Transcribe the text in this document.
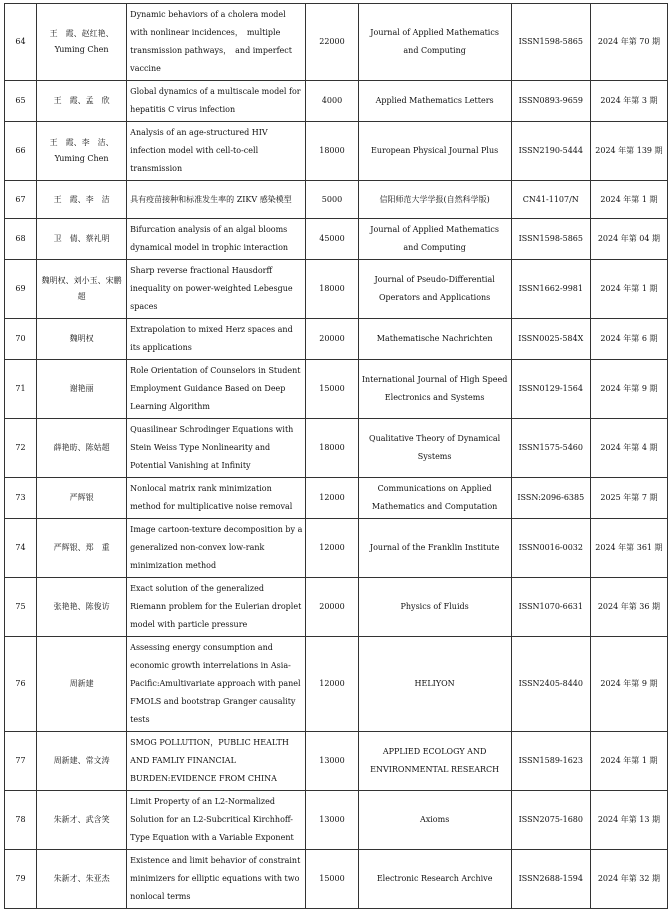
64	王　霞、赵红艳、Yuming Chen	Dynamic behaviors of a cholera model with nonlinear incidences，　multiple transmission pathways，　and imperfect vaccine	22000	Journal of Applied Mathematics and Computing	ISSN1598-5865	2024 年第 70 期
65	王　霞、孟　欣	Global dynamics of a multiscale model for hepatitis C virus infection	4000	Applied Mathematics Letters	ISSN0893-9659	2024 年第 3 期
66	王　霞、李　洁、Yuming Chen	Analysis of an age-structured HIV infection model with cell-to-cell transmission	18000	European Physical Journal Plus	ISSN2190-5444	2024 年第 139 期
67	王　霞、李　洁	具有疫苗接种和标准发生率的 ZIKV 感染模型	5000	信阳师范大学学报(自然科学版)	CN41-1107/N	2024 年第 1 期
68	卫　倩、蔡礼明	Bifurcation analysis of an algal blooms dynamical model in trophic interaction	45000	Journal of Applied Mathematics and Computing	ISSN1598-5865	2024 年第 04 期
69	魏明权、刘小玉、宋鹏超	Sharp reverse fractional Hausdorff inequality on power-weighted Lebesgue spaces	18000	Journal of Pseudo-Differential Operators and Applications	ISSN1662-9981	2024 年第 1 期
70	魏明权	Extrapolation to mixed Herz spaces and its applications	20000	Mathematische Nachrichten	ISSN0025-584X	2024 年第 6 期
71	谢艳丽	Role Orientation of Counselors in Student Employment Guidance Based on Deep Learning Algorithm	15000	International Journal of High Speed Electronics and Systems	ISSN0129-1564	2024 年第 9 期
72	薛艳昉、陈姑超	Quasilinear Schrodinger Equations with Stein Weiss Type Nonlinearity and Potential Vanishing at Infinity	18000	Qualitative Theory of Dynamical Systems	ISSN1575-5460	2024 年第 4 期
73	严辉银	Nonlocal matrix rank minimization method for multiplicative noise removal	12000	Communications on Applied Mathematics and Computation	ISSN:2096-6385	2025 年第 7 期
74	严辉银、郑　重	Image cartoon-texture decomposition by a generalized non-convex low-rank minimization method	12000	Journal of the Franklin Institute	ISSN0016-0032	2024 年第 361 期
75	张艳艳、陈俊访	Exact solution of the generalized Riemann problem for the Eulerian droplet model with particle pressure	20000	Physics of Fluids	ISSN1070-6631	2024 年第 36 期
76	周新建	Assessing energy consumption and economic growth interrelations in Asia-Pacific:Amultivariate approach with panel FMOLS and bootstrap Granger causality tests	12000	HELIYON	ISSN2405-8440	2024 年第 9 期
77	周新建、常文涛	SMOG POLLUTION，PUBLIC HEALTH AND FAMLIY FINANCIAL BURDEN:EVIDENCE FROM CHINA	13000	APPLIED ECOLOGY AND ENVIRONMENTAL RESEARCH	ISSN1589-1623	2024 年第 1 期
78	朱新才、武含笑	Limit Property of an L2-Normalized Solution for an L2-Subcritical Kirchhoff-Type Equation with a Variable Exponent	13000	Axioms	ISSN2075-1680	2024 年第 13 期
79	朱新才、朱亚杰	Existence and limit behavior of constraint minimizers for elliptic equations with two nonlocal terms	15000	Electronic Research Archive	ISSN2688-1594	2024 年第 32 期
